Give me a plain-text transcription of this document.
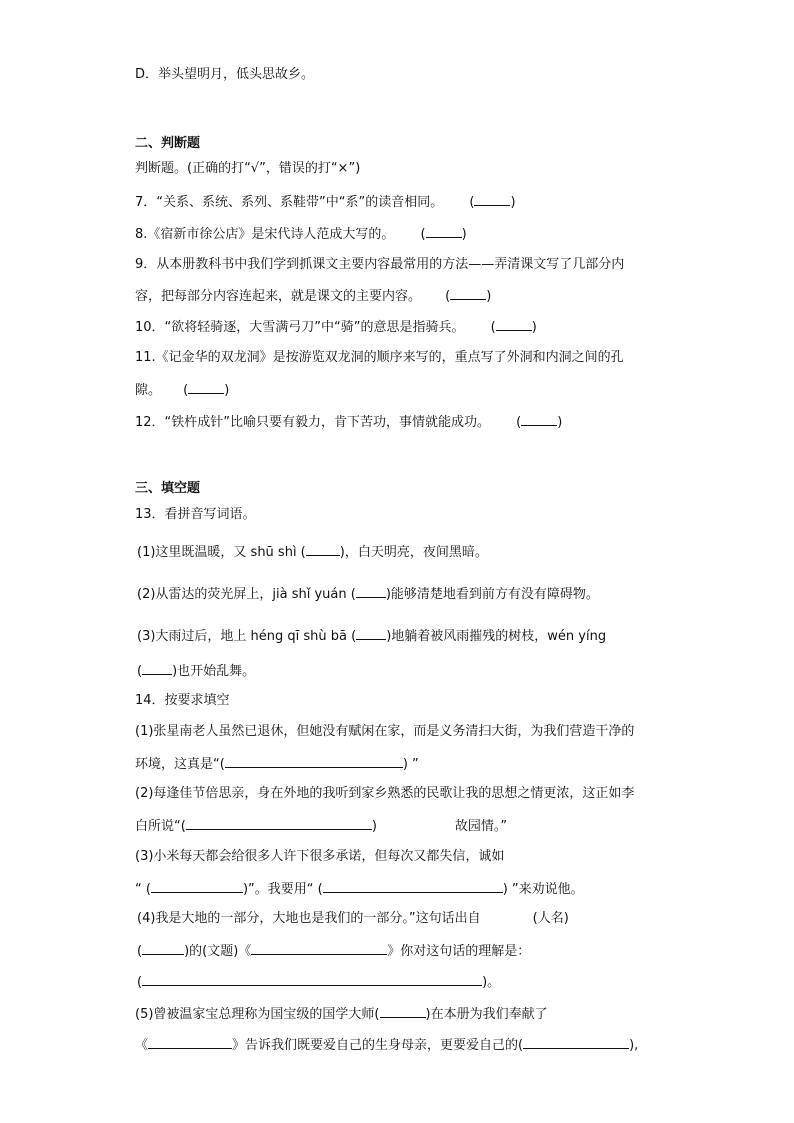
D．举头望明月，低头思故乡。
二、判断题
判断题。(正确的打“√”，错误的打“×”)
7．“关系、系统、系列、系鞋带”中“系”的读音相同。 (	)
8.《宿新市徐公店》是宋代诗人范成大写的。 (	)
9．从本册教科书中我们学到抓课文主要内容最常用的方法——弄清课文写了几部分内
容，把每部分内容连起来，就是课文的主要内容。 (	)
10．“欲将轻骑逐，大雪满弓刀”中“骑”的意思是指骑兵。 (	)
11.《记金华的双龙洞》是按游览双龙洞的顺序来写的，重点写了外洞和内洞之间的孔
隙。 (	)
12．“铁杵成针”比喻只要有毅力，肯下苦功，事情就能成功。 (	)
三、填空题
13．看拼音写词语。
(1)这里既温暖，又 shū shì (	)，白天明亮，夜间黑暗。
(2)从雷达的荧光屏上，jià shǐ yuán ( )能够清楚地看到前方有没有障碍物。
(3)大雨过后，地上 héng qī shù bā ( )地躺着被风雨摧残的树枝，wén yíng
( )也开始乱舞。
14．按要求填空
(1)张星南老人虽然已退休，但她没有赋闲在家，而是义务清扫大街，为我们营造干净的
环境，这真是“(	) ”
(2)每逢佳节倍思亲，身在外地的我听到家乡熟悉的民歌让我的思想之情更浓，这正如李
白所说“(	)	故园情。”
(3)小米每天都会给很多人许下很多承诺，但每次又都失信，诚如
“ (	)”。我要用“ (	) ”来劝说他。
(4)我是大地的一部分，大地也是我们的一部分。”这句话出自	(人名)
(	)的(文题)《	》你对这句话的理解是：
(	)。
(5)曾被温家宝总理称为国宝级的国学大师(	)在本册为我们奉献了
《	》告诉我们既要爱自己的生身母亲，更要爱自己的(	),
